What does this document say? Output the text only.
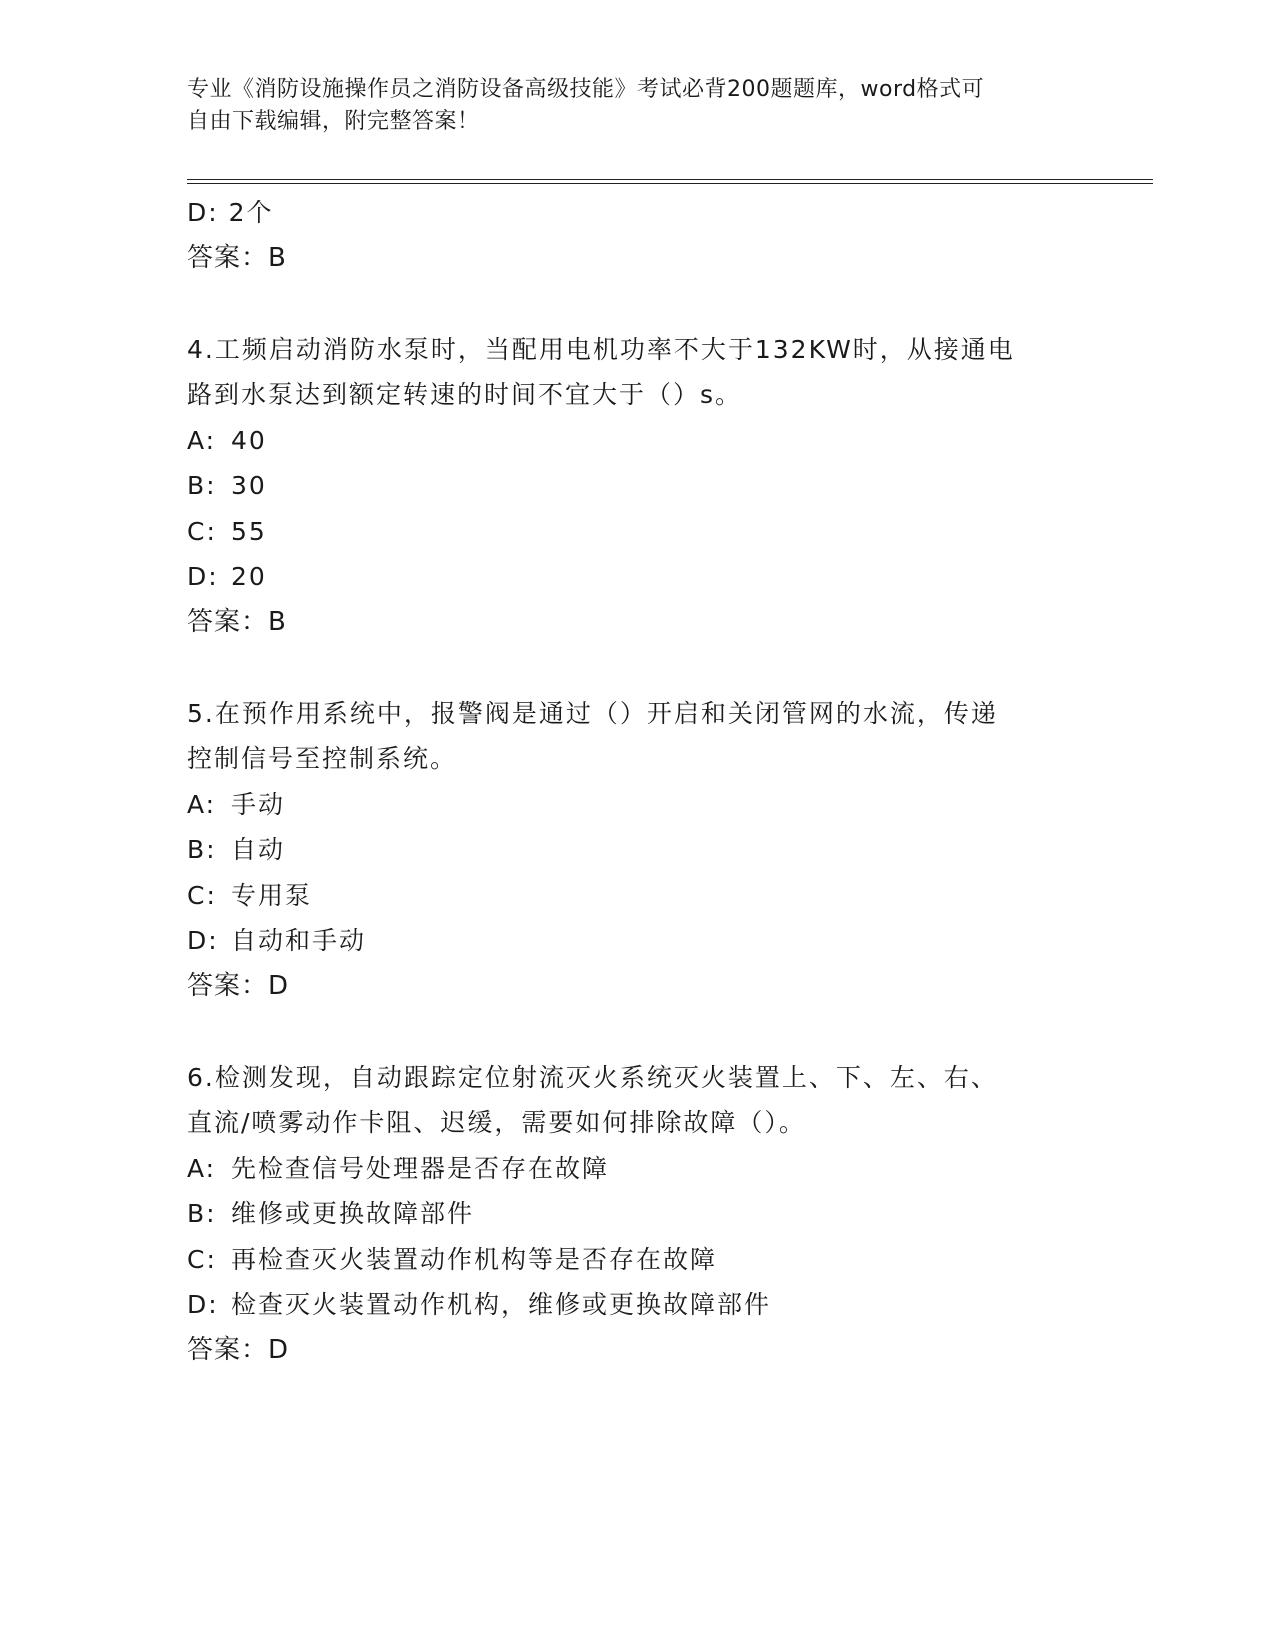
专业《消防设施操作员之消防设备高级技能》考试必背200题题库，word格式可
自由下载编辑，附完整答案！
D: 2个
答案：B
4.工频启动消防水泵时，当配用电机功率不大于132KW时，从接通电
路到水泵达到额定转速的时间不宜大于（）s。
A: 40
B: 30
C: 55
D: 20
答案：B
5.在预作用系统中，报警阀是通过（）开启和关闭管网的水流，传递
控制信号至控制系统。
A: 手动
B: 自动
C: 专用泵
D: 自动和手动
答案：D
6.检测发现，自动跟踪定位射流灭火系统灭火装置上、下、左、右、
直流/喷雾动作卡阻、迟缓，需要如何排除故障（）。
A: 先检查信号处理器是否存在故障
B: 维修或更换故障部件
C: 再检查灭火装置动作机构等是否存在故障
D: 检查灭火装置动作机构，维修或更换故障部件
答案：D
